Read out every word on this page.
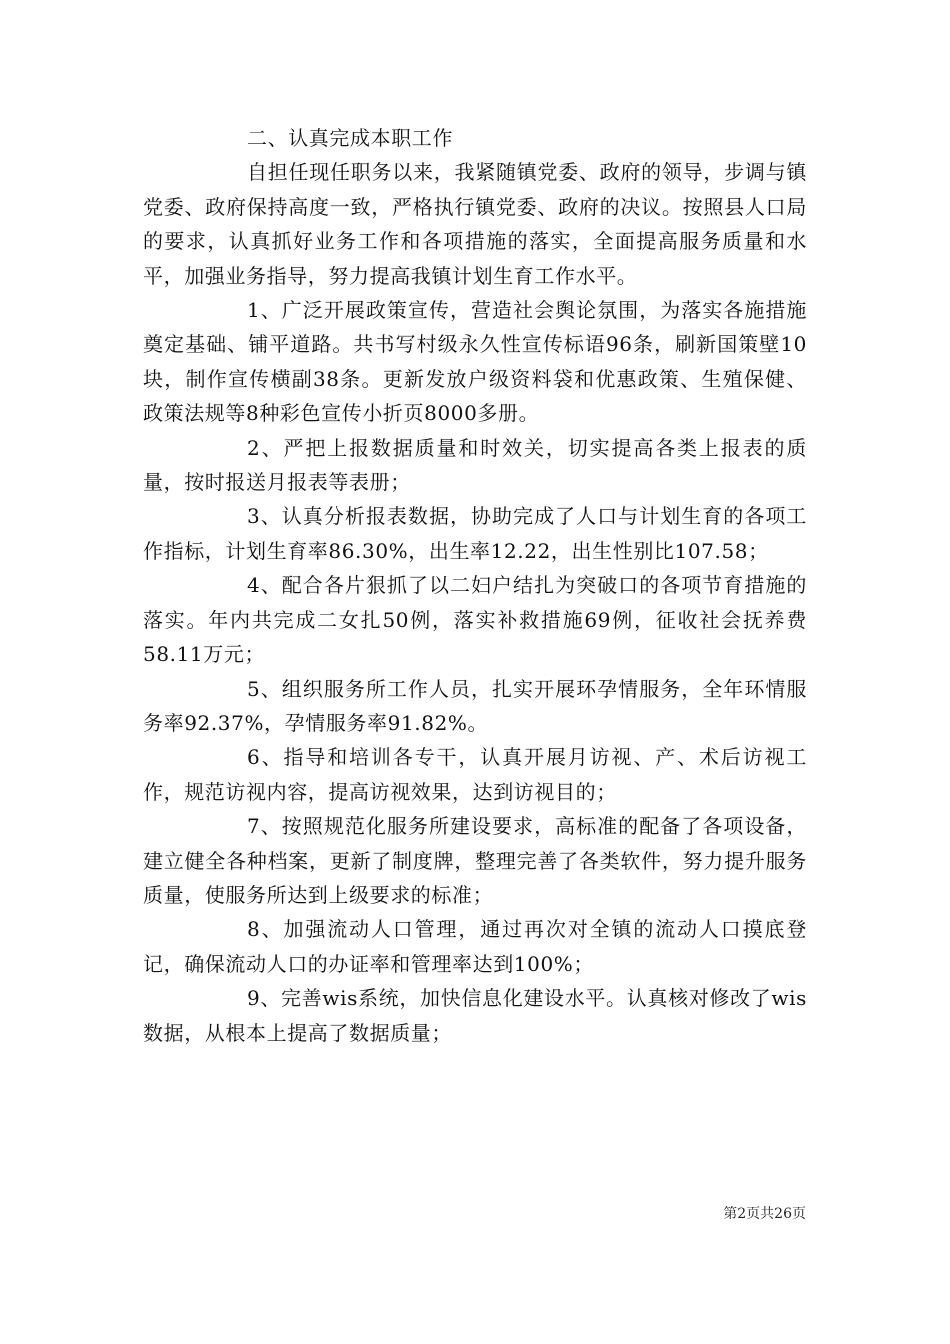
二、认真完成本职工作

自担任现任职务以来，我紧随镇党委、政府的领导，步调与镇党委、政府保持高度一致，严格执行镇党委、政府的决议。按照县人口局的要求，认真抓好业务工作和各项措施的落实，全面提高服务质量和水平，加强业务指导，努力提高我镇计划生育工作水平。

1、广泛开展政策宣传，营造社会舆论氛围，为落实各施措施奠定基础、铺平道路。共书写村级永久性宣传标语96条，刷新国策壁10块，制作宣传横副38条。更新发放户级资料袋和优惠政策、生殖保健、政策法规等8种彩色宣传小折页8000多册。

2、严把上报数据质量和时效关，切实提高各类上报表的质量，按时报送月报表等表册；

3、认真分析报表数据，协助完成了人口与计划生育的各项工作指标，计划生育率86.30%，出生率12.22，出生性别比107.58；

4、配合各片狠抓了以二妇户结扎为突破口的各项节育措施的落实。年内共完成二女扎50例，落实补救措施69例，征收社会抚养费58.11万元；

5、组织服务所工作人员，扎实开展环孕情服务，全年环情服务率92.37%，孕情服务率91.82%。

6、指导和培训各专干，认真开展月访视、产、术后访视工作，规范访视内容，提高访视效果，达到访视目的；

7、按照规范化服务所建设要求，高标准的配备了各项设备，建立健全各种档案，更新了制度牌，整理完善了各类软件，努力提升服务质量，使服务所达到上级要求的标准；

8、加强流动人口管理，通过再次对全镇的流动人口摸底登记，确保流动人口的办证率和管理率达到100%；

9、完善wis系统，加快信息化建设水平。认真核对修改了wis数据，从根本上提高了数据质量；

第2页共26页
